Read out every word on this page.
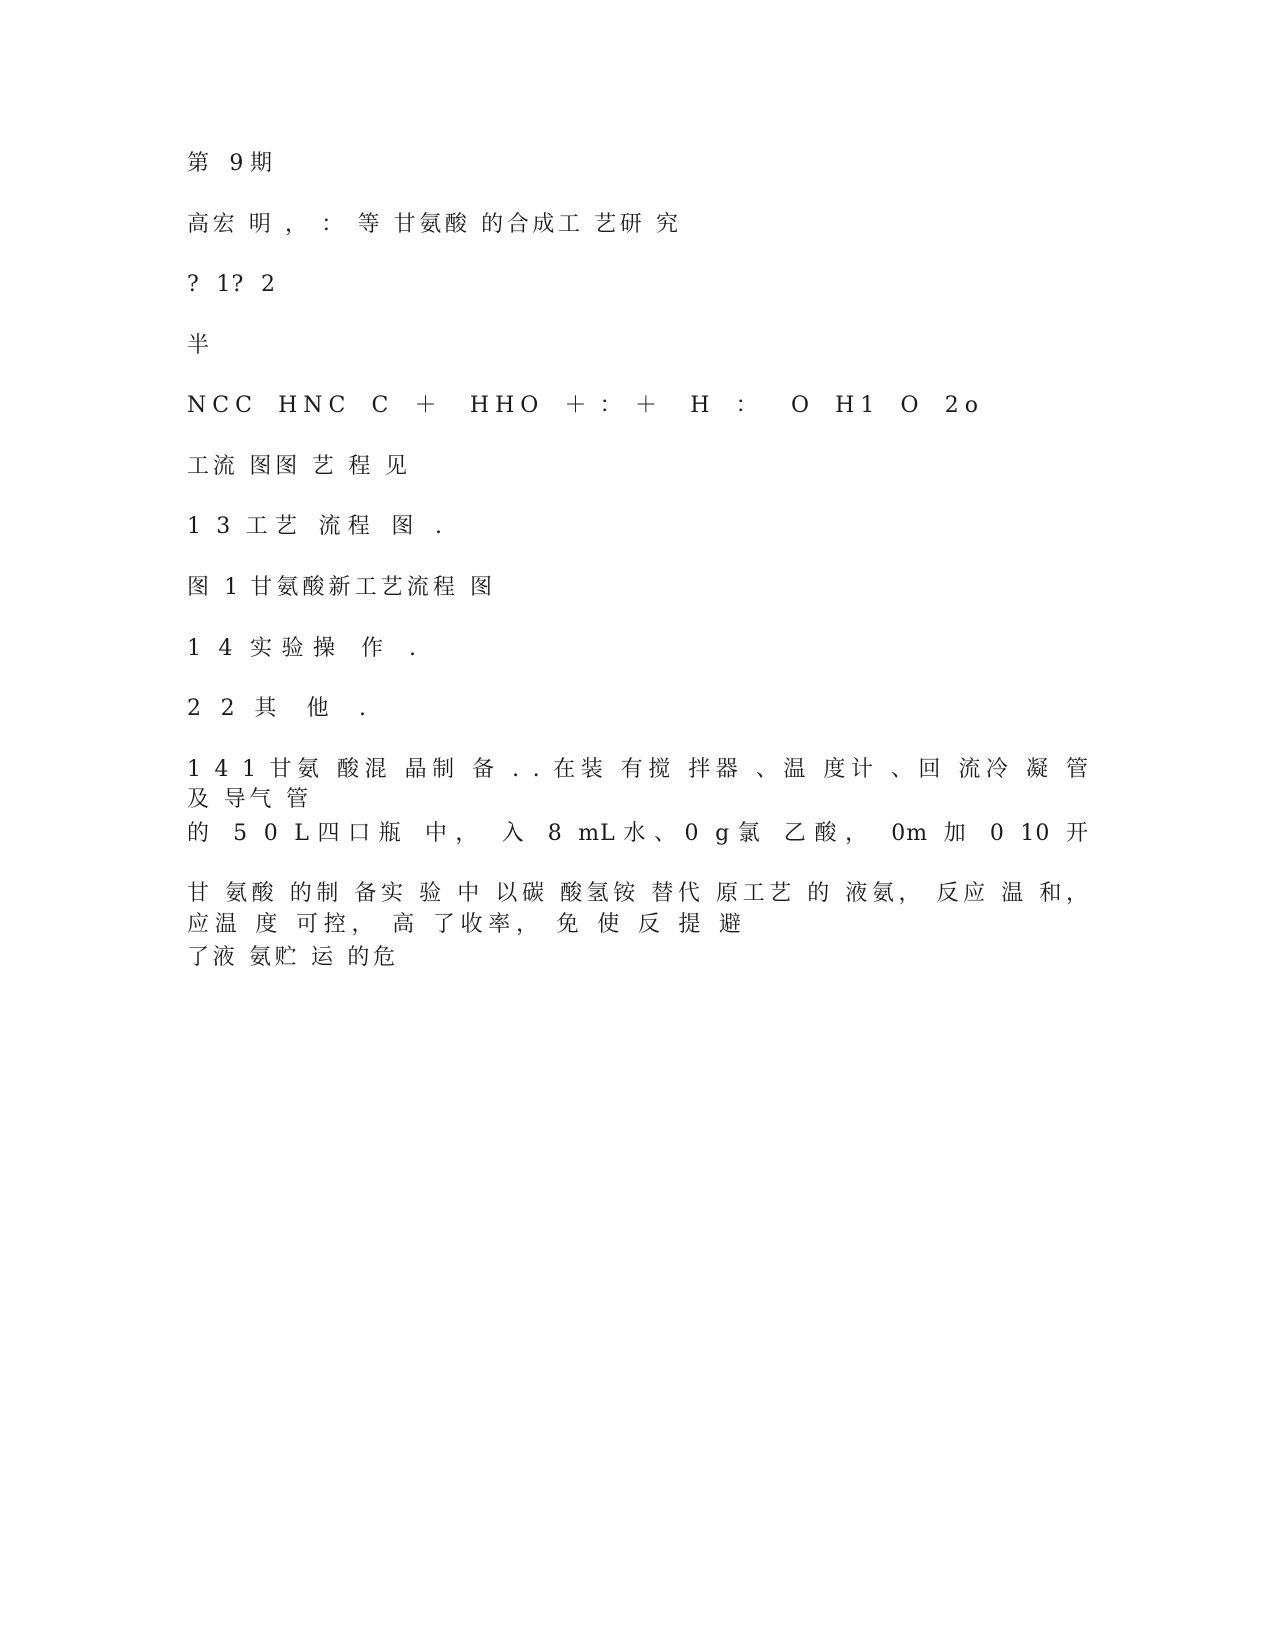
第 9期
高宏 明 ， ： 等 甘氨酸 的合成工 艺研 究
? 1? 2
半
NCC HNC C ＋ HHO ＋：＋ H ： O H1 O 2o
工流 图图 艺 程 见
1 3 工艺 流程 图 .
图 1 甘氨酸新工艺流程 图
1 4 实验操 作 .
2 2 其 他 .
1 4 1 甘氨 酸混 晶制 备 . . 在装 有搅 拌器 、温 度计 、回 流冷 凝 管
及 导气 管
的 5 0 L四口瓶 中， 入 8 mL水、0 g氯 乙酸， 0m 加 0 10 开
甘 氨酸 的制 备实 验 中 以碳 酸氢铵 替代 原工艺 的 液氨， 反应 温 和，
应温 度 可控， 高 了收率， 免 使 反 提 避
了液 氨贮 运 的危
